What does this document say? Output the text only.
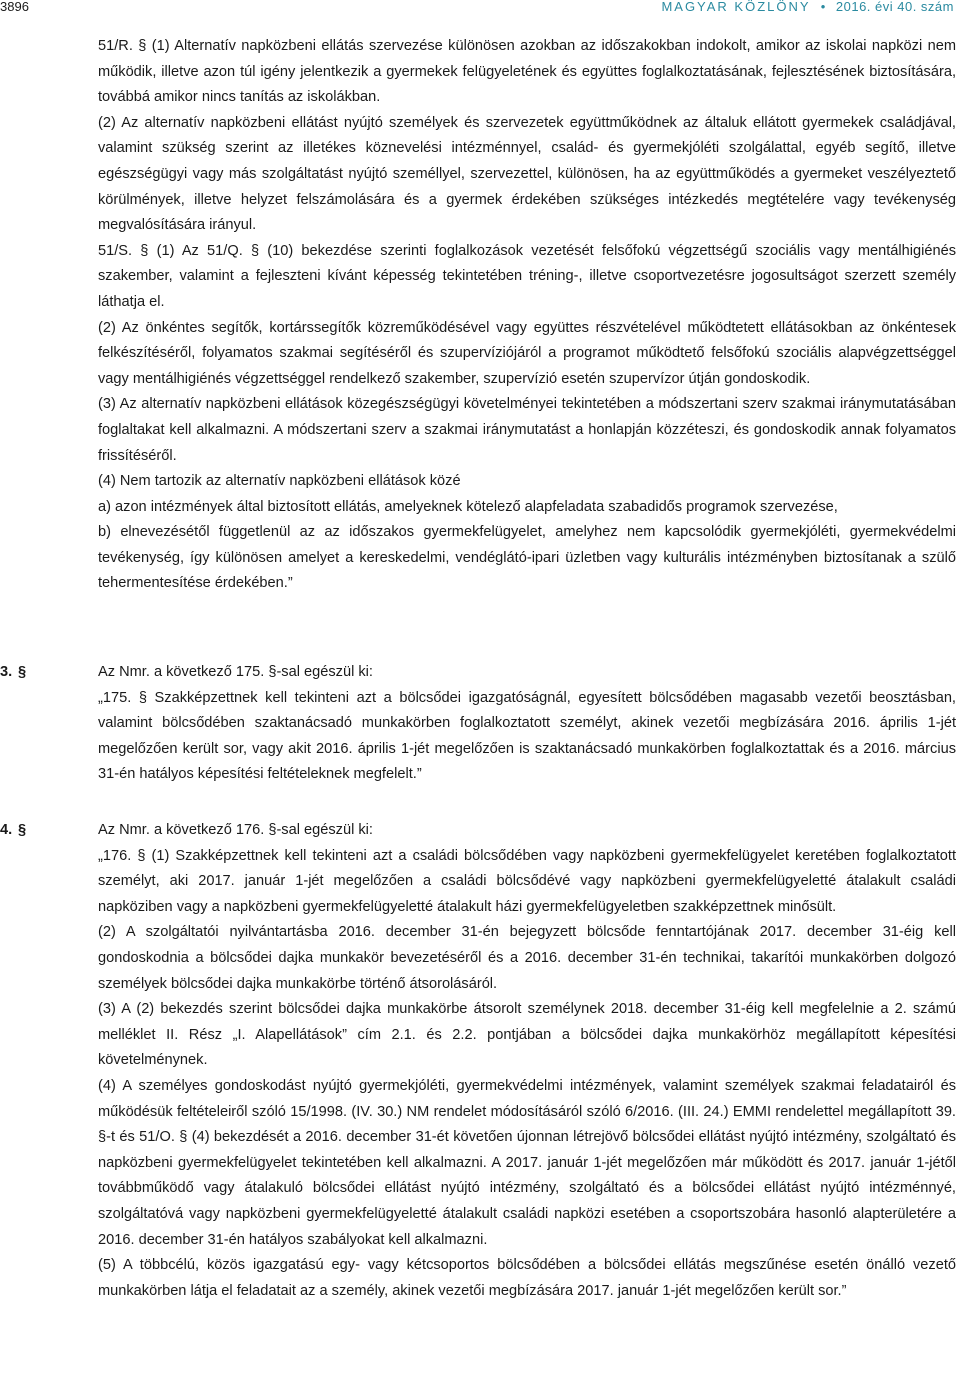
3896	MAGYAR KÖZLÖNY • 2016. évi 40. szám

51/R. § (1) Alternatív napközbeni ellátás szervezése különösen azokban az időszakokban indokolt, amikor az iskolai napközi nem működik, illetve azon túl igény jelentkezik a gyermekek felügyeletének és együttes foglalkoztatásának, fejlesztésének biztosítására, továbbá amikor nincs tanítás az iskolákban.

(2) Az alternatív napközbeni ellátást nyújtó személyek és szervezetek együttműködnek az általuk ellátott gyermekek családjával, valamint szükség szerint az illetékes köznevelési intézménnyel, család- és gyermekjóléti szolgálattal, egyéb segítő, illetve egészségügyi vagy más szolgáltatást nyújtó személlyel, szervezettel, különösen, ha az együttműködés a gyermeket veszélyeztető körülmények, illetve helyzet felszámolására és a gyermek érdekében szükséges intézkedés megtételére vagy tevékenység megvalósítására irányul.

51/S. § (1) Az 51/Q. § (10) bekezdése szerinti foglalkozások vezetését felsőfokú végzettségű szociális vagy mentálhigiénés szakember, valamint a fejleszteni kívánt képesség tekintetében tréning-, illetve csoportvezetésre jogosultságot szerzett személy láthatja el.

(2) Az önkéntes segítők, kortárssegítők közreműködésével vagy együttes részvételével működtetett ellátásokban az önkéntesek felkészítéséről, folyamatos szakmai segítéséről és szupervíziójáról a programot működtető felsőfokú szociális alapvégzettséggel vagy mentálhigiénés végzettséggel rendelkező szakember, szupervízió esetén szupervízor útján gondoskodik.

(3) Az alternatív napközbeni ellátások közegészségügyi követelményei tekintetében a módszertani szerv szakmai iránymutatásában foglaltakat kell alkalmazni. A módszertani szerv a szakmai iránymutatást a honlapján közzéteszi, és gondoskodik annak folyamatos frissítéséről.

(4) Nem tartozik az alternatív napközbeni ellátások közé

a) azon intézmények által biztosított ellátás, amelyeknek kötelező alapfeladata szabadidős programok szervezése,

b) elnevezésétől függetlenül az az időszakos gyermekfelügyelet, amelyhez nem kapcsolódik gyermekjóléti, gyermekvédelmi tevékenység, így különösen amelyet a kereskedelmi, vendéglátó-ipari üzletben vagy kulturális intézményben biztosítanak a szülő tehermentesítése érdekében.”

3. §	Az Nmr. a következő 175. §-sal egészül ki:

„175. § Szakképzettnek kell tekinteni azt a bölcsődei igazgatóságnál, egyesített bölcsődében magasabb vezetői beosztásban, valamint bölcsődében szaktanácsadó munkakörben foglalkoztatott személyt, akinek vezetői megbízására 2016. április 1-jét megelőzően került sor, vagy akit 2016. április 1-jét megelőzően is szaktanácsadó munkakörben foglalkoztattak és a 2016. március 31-én hatályos képesítési feltételeknek megfelelt.”

4. §	Az Nmr. a következő 176. §-sal egészül ki:

„176. § (1) Szakképzettnek kell tekinteni azt a családi bölcsődében vagy napközbeni gyermekfelügyelet keretében foglalkoztatott személyt, aki 2017. január 1-jét megelőzően a családi bölcsődévé vagy napközbeni gyermekfelügyeletté átalakult családi napköziben vagy a napközbeni gyermekfelügyeletté átalakult házi gyermekfelügyeletben szakképzettnek minősült.

(2) A szolgáltatói nyilvántartásba 2016. december 31-én bejegyzett bölcsőde fenntartójának 2017. december 31-éig kell gondoskodnia a bölcsődei dajka munkakör bevezetéséről és a 2016. december 31-én technikai, takarítói munkakörben dolgozó személyek bölcsődei dajka munkakörbe történő átsorolásáról.

(3) A (2) bekezdés szerint bölcsődei dajka munkakörbe átsorolt személynek 2018. december 31-éig kell megfelelnie a 2. számú melléklet II. Rész „I. Alapellátások” cím 2.1. és 2.2. pontjában a bölcsődei dajka munkakörhöz megállapított képesítési követelménynek.

(4) A személyes gondoskodást nyújtó gyermekjóléti, gyermekvédelmi intézmények, valamint személyek szakmai feladatairól és működésük feltételeiről szóló 15/1998. (IV. 30.) NM rendelet módosításáról szóló 6/2016. (III. 24.) EMMI rendelettel megállapított 39. §-t és 51/O. § (4) bekezdését a 2016. december 31-ét követően újonnan létrejövő bölcsődei ellátást nyújtó intézmény, szolgáltató és napközbeni gyermekfelügyelet tekintetében kell alkalmazni. A 2017. január 1-jét megelőzően már működött és 2017. január 1-jétől továbbműködő vagy átalakuló bölcsődei ellátást nyújtó intézmény, szolgáltató és a bölcsődei ellátást nyújtó intézménnyé, szolgáltatóvá vagy napközbeni gyermekfelügyeletté átalakult családi napközi esetében a csoportszobára hasonló alapterületére a 2016. december 31-én hatályos szabályokat kell alkalmazni.

(5) A többcélú, közös igazgatású egy- vagy kétcsoportos bölcsődében a bölcsődei ellátás megszűnése esetén önálló vezető munkakörben látja el feladatait az a személy, akinek vezetői megbízására 2017. január 1-jét megelőzően került sor.”
